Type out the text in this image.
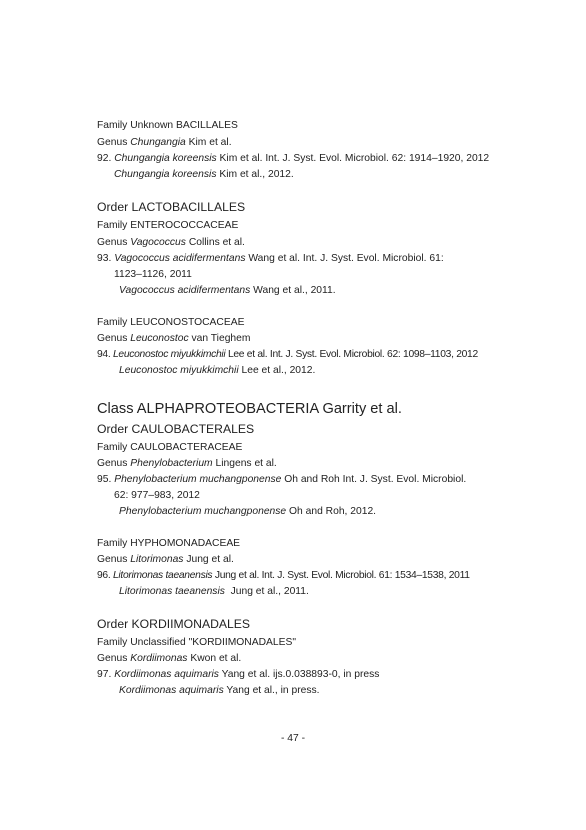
Family Unknown BACILLALES
Genus Chungangia Kim et al.
92. Chungangia koreensis Kim et al. Int. J. Syst. Evol. Microbiol. 62: 1914–1920, 2012
Chungangia koreensis Kim et al., 2012.
Order LACTOBACILLALES
Family ENTEROCOCCACEAE
Genus Vagococcus Collins et al.
93. Vagococcus acidifermentans Wang et al. Int. J. Syst. Evol. Microbiol. 61:
1123–1126, 2011
Vagococcus acidifermentans Wang et al., 2011.
Family LEUCONOSTOCACEAE
Genus Leuconostoc van Tieghem
94. Leuconostoc miyukkimchii Lee et al. Int. J. Syst. Evol. Microbiol. 62: 1098–1103, 2012
Leuconostoc miyukkimchii Lee et al., 2012.
Class ALPHAPROTEOBACTERIA Garrity et al.
Order CAULOBACTERALES
Family CAULOBACTERACEAE
Genus Phenylobacterium Lingens et al.
95. Phenylobacterium muchangponense Oh and Roh Int. J. Syst. Evol. Microbiol.
62: 977–983, 2012
Phenylobacterium muchangponense Oh and Roh, 2012.
Family HYPHOMONADACEAE
Genus Litorimonas Jung et al.
96. Litorimonas taeanensis Jung et al. Int. J. Syst. Evol. Microbiol. 61: 1534–1538, 2011
Litorimonas taeanensis  Jung et al., 2011.
Order KORDIIMONADALES
Family Unclassified "KORDIIMONADALES"
Genus Kordiimonas Kwon et al.
97. Kordiimonas aquimaris Yang et al. ijs.0.038893-0, in press
Kordiimonas aquimaris Yang et al., in press.
- 47 -
